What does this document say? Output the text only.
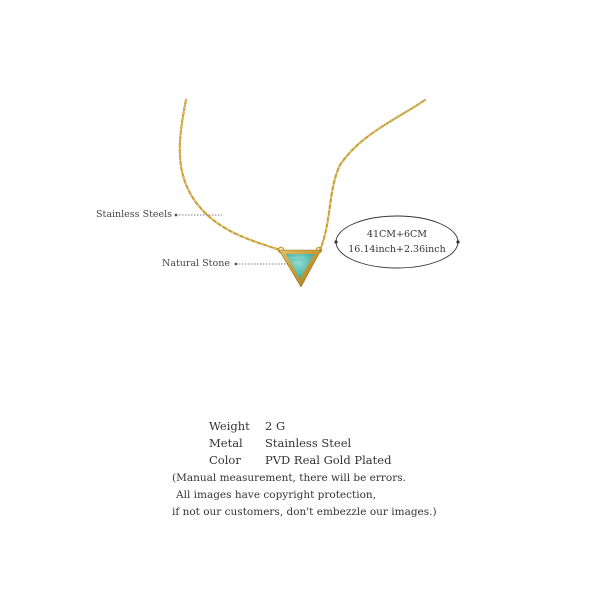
Stainless Steels
Natural Stone
41CM+6CM
16.14inch+2.36inch
Weight 2 G
Metal Stainless Steel
Color PVD Real Gold Plated
(Manual measurement, there will be errors.
All images have copyright protection,
if not our customers, don't embezzle our images.)
